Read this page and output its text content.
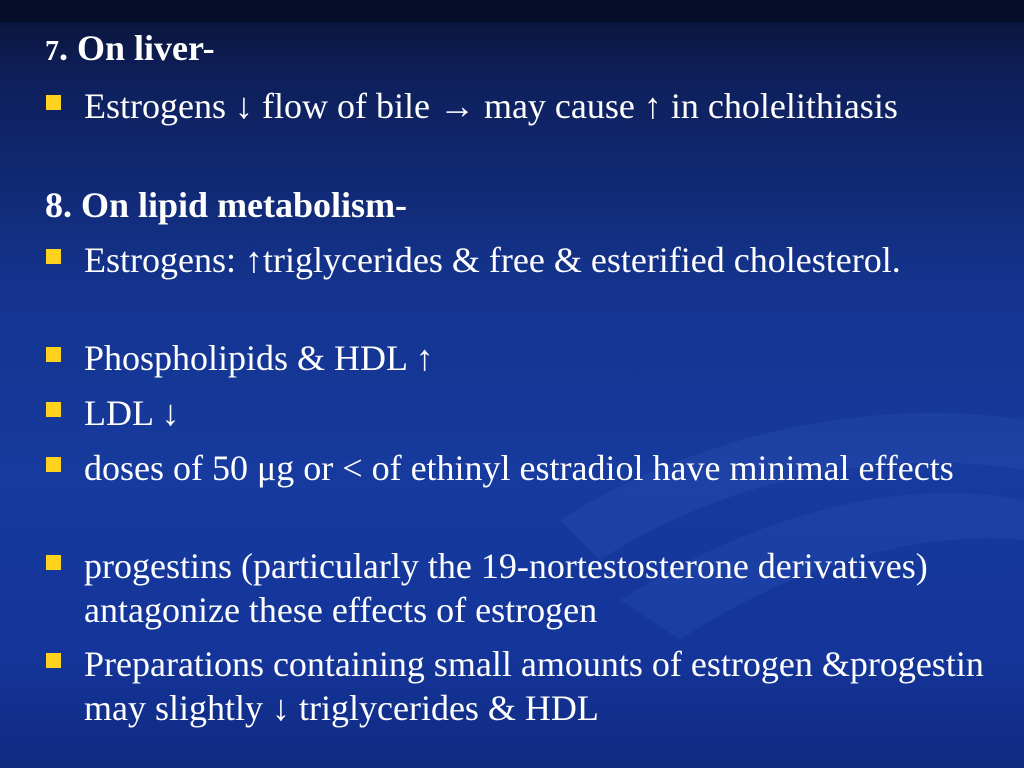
7. On liver-
Estrogens ↓ flow of bile → may cause ↑ in cholelithiasis
8. On lipid metabolism-
Estrogens: ↑triglycerides & free & esterified cholesterol.
Phospholipids & HDL ↑
LDL ↓
doses of 50 μg or < of ethinyl estradiol have minimal effects
progestins (particularly the 19-nortestosterone derivatives) antagonize these effects of estrogen
Preparations containing small amounts of estrogen &progestin may slightly ↓ triglycerides & HDL
